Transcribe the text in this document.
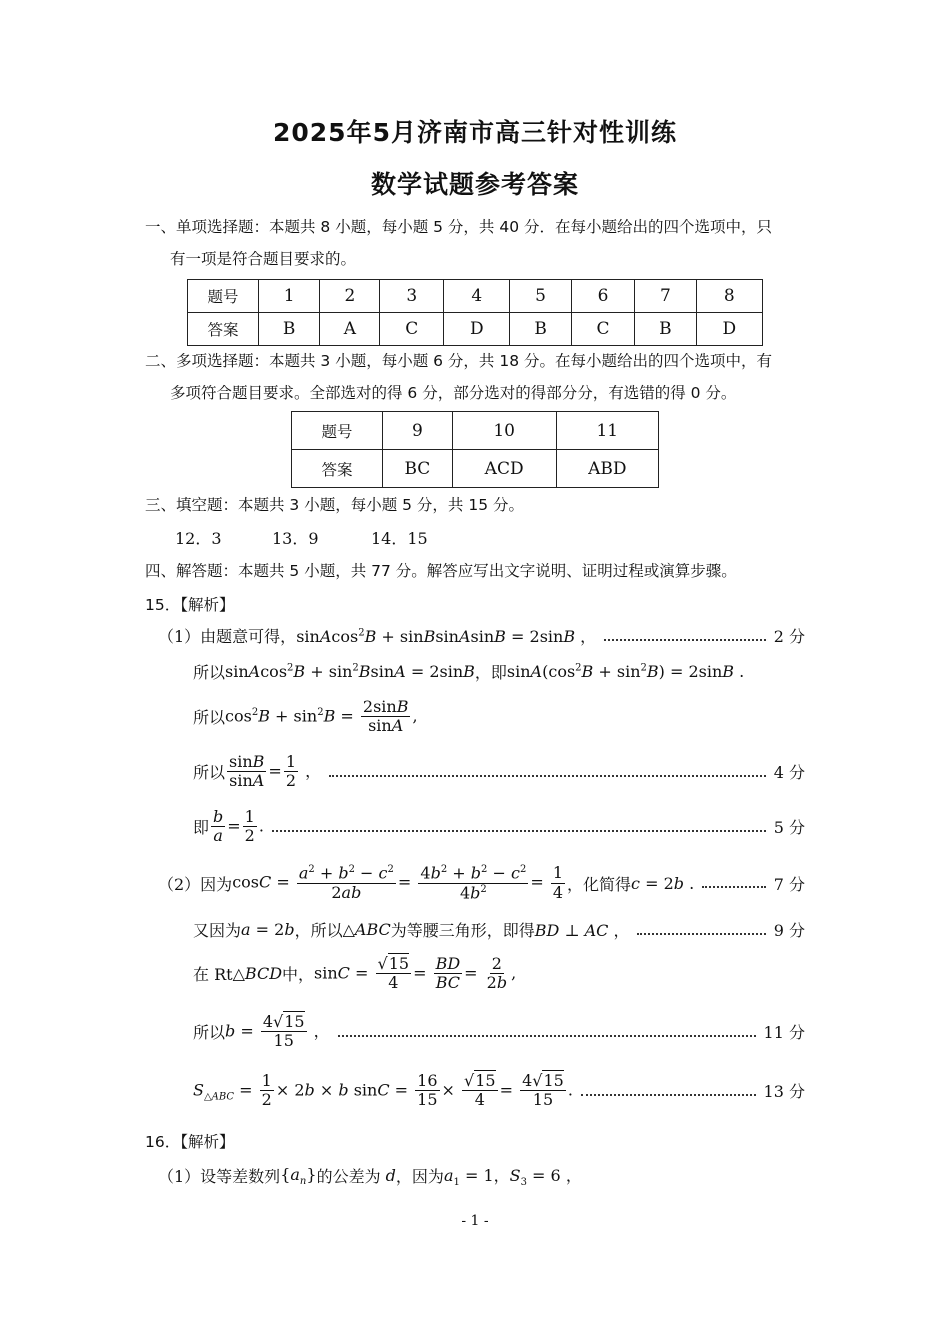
2025年5月济南市高三针对性训练
数学试题参考答案
一、单项选择题：本题共 8 小题，每小题 5 分，共 40 分．在每小题给出的四个选项中，只
有一项是符合题目要求的。
题号	1	2	3	4	5	6	7	8
答案	B	A	C	D	B	C	B	D
二、多项选择题：本题共 3 小题，每小题 6 分，共 18 分。在每小题给出的四个选项中，有
多项符合题目要求。全部选对的得 6 分，部分选对的得部分分，有选错的得 0 分。
题号	9	10	11
答案	BC	ACD	ABD
三、填空题：本题共 3 小题，每小题 5 分，共 15 分。
12．3	13．9	14．15
四、解答题：本题共 5 小题，共 77 分。解答应写出文字说明、证明过程或演算步骤。
15．【解析】
（1）由题意可得， sinAcos$^2$B + sinBsinAsinB = 2sinB ，	2 分
所以 sinAcos$^2$B + $\sin^2BsinA = 2\sin B$ ，即 $\sin A(\cos^2B + \sin^2B) = 2\sin B$ .
所以 $\cos^2B + \sin^2B = \frac{2\sin B}{\sin A}$ ,
所以 $\frac{\sin B}{\sin A} = \frac{1}{2}$ ，	4 分
即 $\frac{b}{a} = \frac{1}{2}$ .	5 分
（2）因为 $\cos C = \frac{a^2 + b^2 - c^2}{2ab} = \frac{4b^2 + b^2 - c^2}{4b^2} = \frac{1}{4}$ ，化简得 c = 2b .	7 分
又因为 a = 2b ，所以 △ABC 为等腰三角形，即得 BD ⊥ AC ，	9 分
在 Rt △BCD 中， $\sin C = \frac{√15}{4} = \frac{BD}{BC} = \frac{2}{2b}$ ,
所以 $b = \frac{4√15}{15}$ ，	11 分
$S_{\triangle ABC} = \frac{1}{2} \times 2b \times b$ $\sin C = \frac{16}{15} \times \frac{√15}{4} = \frac{4√15}{15}$ .	13 分
16．【解析】
（1）设等差数列 $\{a_n\}$ 的公差为 d ，因为 $a_1 = 1$，$S_3 = 6$ ，
- 1 -
